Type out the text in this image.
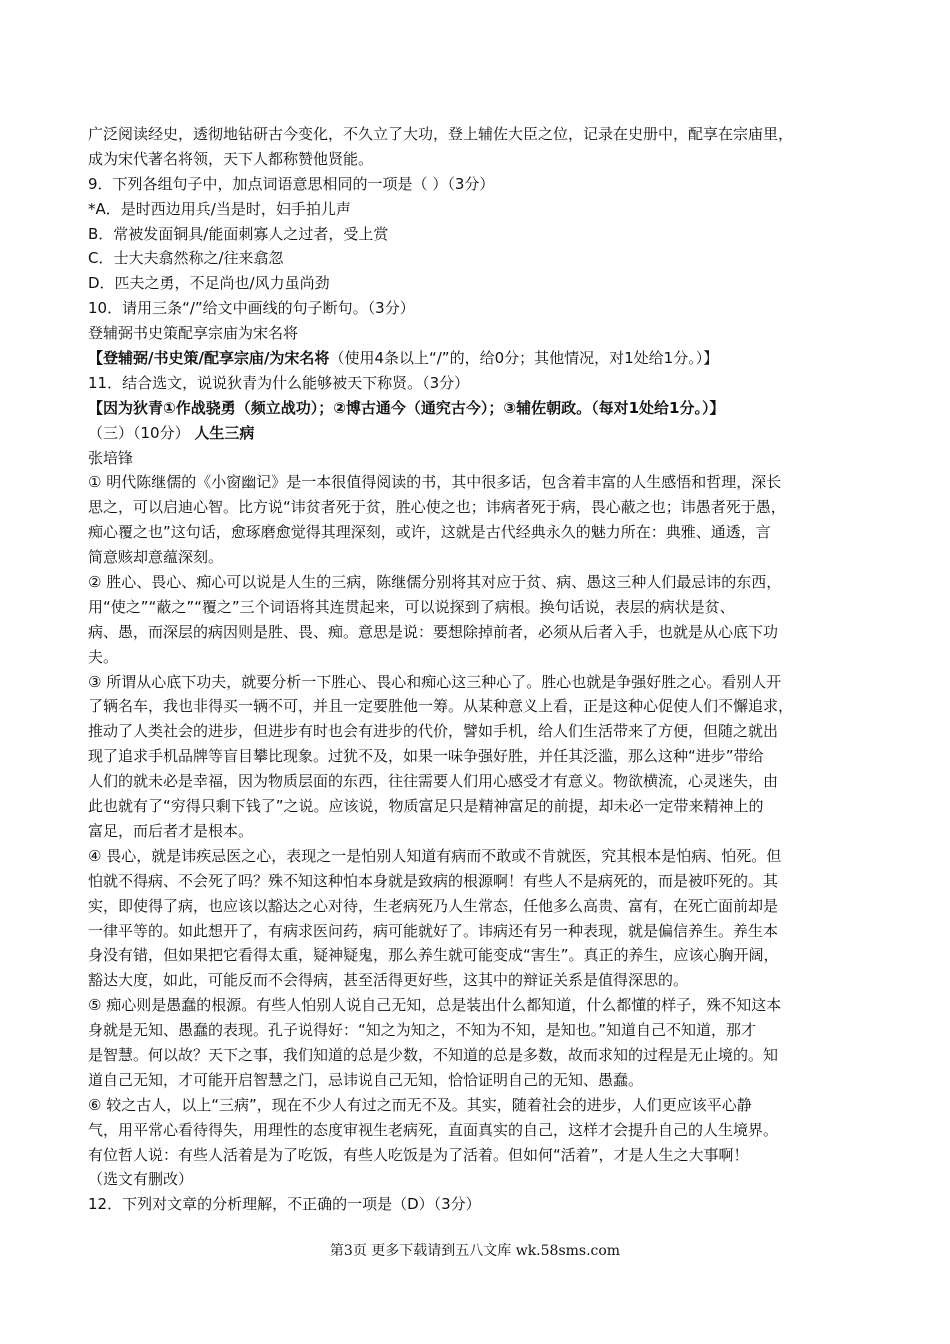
广泛阅读经史，透彻地钻研古今变化，不久立了大功，登上辅佐大臣之位，记录在史册中，配享在宗庙里，
成为宋代著名将领，天下人都称赞他贤能。
9．下列各组句子中，加点词语意思相同的一项是（ ）（3分）
*A．是时西边用兵/当是时，妇手拍儿声
B．常被发面铜具/能面刺寡人之过者，受上赏
C．士大夫翕然称之/往来翕忽
D．匹夫之勇，不足尚也/风力虽尚劲
10．请用三条“/”给文中画线的句子断句。（3分）
登辅弼书史策配享宗庙为宋名将
【登辅弼/书史策/配享宗庙/为宋名将（使用4条以上“/”的，给0分；其他情况，对1处给1分。）】
11．结合选文，说说狄青为什么能够被天下称贤。（3分）
【因为狄青①作战骁勇（频立战功）；②博古通今（通究古今）；③辅佐朝政。（每对1处给1分。）】
（三）（10分） 人生三病
张培锋
① 明代陈继儒的《小窗幽记》是一本很值得阅读的书，其中很多话，包含着丰富的人生感悟和哲理，深长
思之，可以启迪心智。比方说“讳贫者死于贫，胜心使之也；讳病者死于病，畏心蔽之也；讳愚者死于愚，
痴心覆之也”这句话，愈琢磨愈觉得其理深刻，或许，这就是古代经典永久的魅力所在：典雅、通透，言
简意赅却意蕴深刻。
② 胜心、畏心、痴心可以说是人生的三病，陈继儒分别将其对应于贫、病、愚这三种人们最忌讳的东西，
用“使之”“蔽之”“覆之”三个词语将其连贯起来，可以说探到了病根。换句话说，表层的病状是贫、
病、愚，而深层的病因则是胜、畏、痴。意思是说：要想除掉前者，必须从后者入手，也就是从心底下功
夫。
③ 所谓从心底下功夫，就要分析一下胜心、畏心和痴心这三种心了。胜心也就是争强好胜之心。看别人开
了辆名车，我也非得买一辆不可，并且一定要胜他一筹。从某种意义上看，正是这种心促使人们不懈追求，
推动了人类社会的进步，但进步有时也会有进步的代价，譬如手机，给人们生活带来了方便，但随之就出
现了追求手机品牌等盲目攀比现象。过犹不及，如果一味争强好胜，并任其泛滥，那么这种“进步”带给
人们的就未必是幸福，因为物质层面的东西，往往需要人们用心感受才有意义。物欲横流，心灵迷失，由
此也就有了“穷得只剩下钱了”之说。应该说，物质富足只是精神富足的前提，却未必一定带来精神上的
富足，而后者才是根本。
④ 畏心，就是讳疾忌医之心，表现之一是怕别人知道有病而不敢或不肯就医，究其根本是怕病、怕死。但
怕就不得病、不会死了吗？殊不知这种怕本身就是致病的根源啊！有些人不是病死的，而是被吓死的。其
实，即使得了病，也应该以豁达之心对待，生老病死乃人生常态，任他多么高贵、富有，在死亡面前却是
一律平等的。如此想开了，有病求医问药，病可能就好了。讳病还有另一种表现，就是偏信养生。养生本
身没有错，但如果把它看得太重，疑神疑鬼，那么养生就可能变成“害生”。真正的养生，应该心胸开阔，
豁达大度，如此，可能反而不会得病，甚至活得更好些，这其中的辩证关系是值得深思的。
⑤ 痴心则是愚蠢的根源。有些人怕别人说自己无知，总是装出什么都知道，什么都懂的样子，殊不知这本
身就是无知、愚蠢的表现。孔子说得好：“知之为知之，不知为不知，是知也。”知道自己不知道，那才
是智慧。何以故？天下之事，我们知道的总是少数，不知道的总是多数，故而求知的过程是无止境的。知
道自己无知，才可能开启智慧之门，忌讳说自己无知，恰恰证明自己的无知、愚蠢。
⑥ 较之古人，以上“三病”，现在不少人有过之而无不及。其实，随着社会的进步，人们更应该平心静
气，用平常心看待得失，用理性的态度审视生老病死，直面真实的自己，这样才会提升自己的人生境界。
有位哲人说：有些人活着是为了吃饭，有些人吃饭是为了活着。但如何“活着”，才是人生之大事啊！
（选文有删改）
12．下列对文章的分析理解，不正确的一项是（D）（3分）
第3页 更多下载请到五八文库 wk.58sms.com
